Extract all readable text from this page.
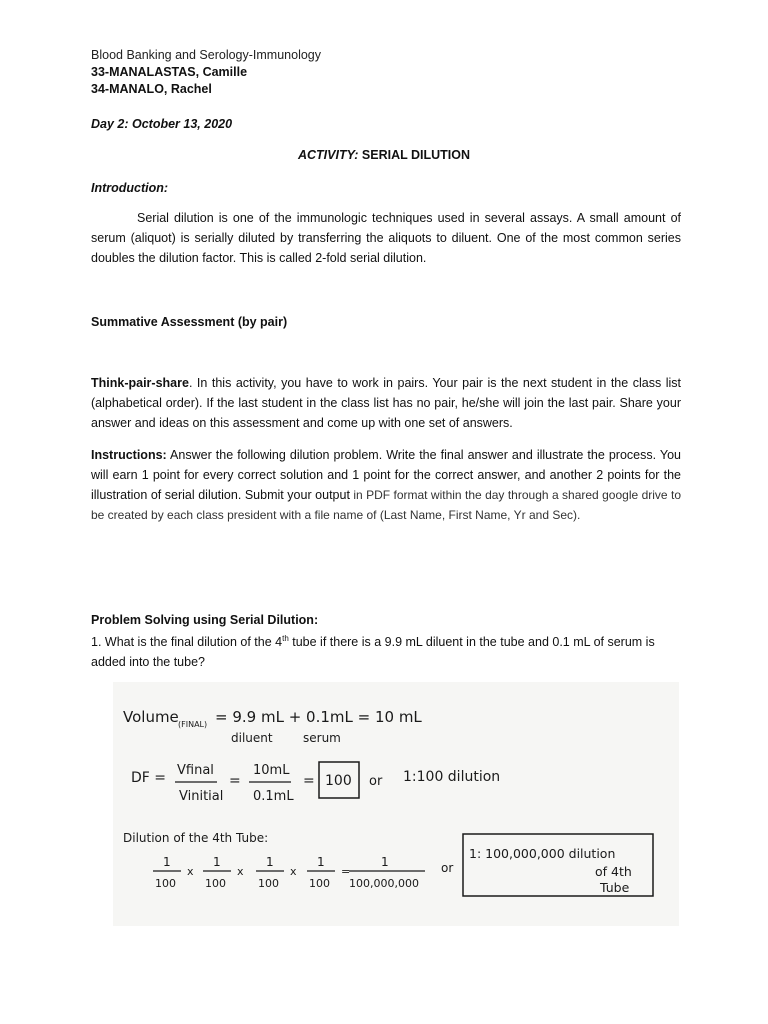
Blood Banking and Serology-Immunology
33-MANALASTAS, Camille
34-MANALO, Rachel
Day 2: October 13, 2020
ACTIVITY: SERIAL DILUTION
Introduction:

Serial dilution is one of the immunologic techniques used in several assays. A small amount of serum (aliquot) is serially diluted by transferring the aliquots to diluent. One of the most common series doubles the dilution factor. This is called 2-fold serial dilution.

Summative Assessment (by pair)

Think-pair-share. In this activity, you have to work in pairs. Your pair is the next student in the class list (alphabetical order). If the last student in the class list has no pair, he/she will join the last pair. Share your answer and ideas on this assessment and come up with one set of answers.

Instructions: Answer the following dilution problem. Write the final answer and illustrate the process. You will earn 1 point for every correct solution and 1 point for the correct answer, and another 2 points for the illustration of serial dilution. Submit your output in PDF format within the day through a shared google drive to be created by each class president with a file name of (Last Name, First Name, Yr and Sec).

Problem Solving using Serial Dilution:

1. What is the final dilution of the 4th tube if there is a 9.9 mL diluent in the tube and 0.1 mL of serum is added into the tube?

Volume (FINAL) = 9.9 mL + 0.1mL = 10 mL
diluent	serum
DF = Vfinal
Vinitial
=
10mL
0.1mL
= 100 or 1:100 dilution
Dilution of the 4th Tube:
1
100
x
1
100
x
1
100
x
1
100
=
1
100,000,000
or
1: 100,000,000 dilution
of 4th
Tube
